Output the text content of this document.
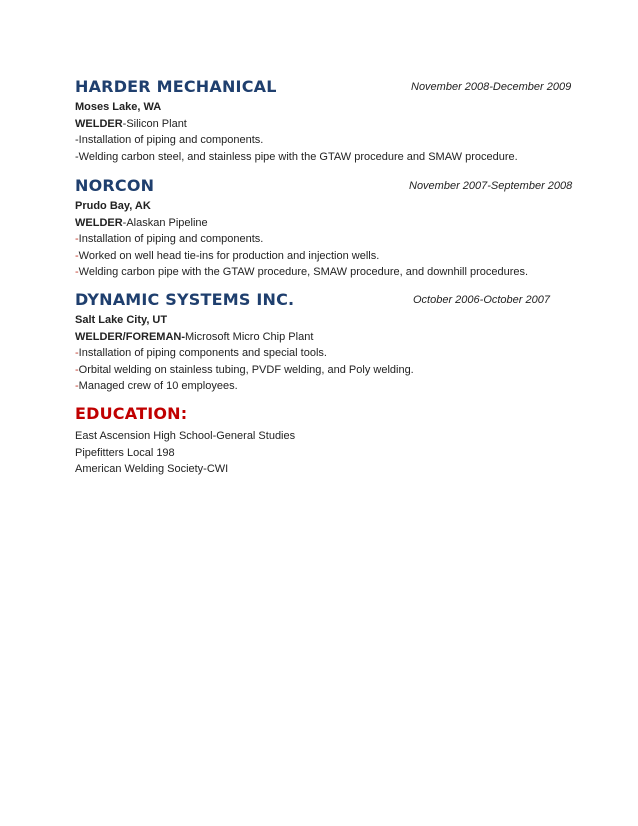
HARDER MECHANICAL	November 2008-December 2009
Moses Lake, WA
WELDER-Silicon Plant
-Installation of piping and components.
-Welding carbon steel, and stainless pipe with the GTAW procedure and SMAW procedure.
NORCON	November 2007-September 2008
Prudo Bay, AK
WELDER-Alaskan Pipeline
-Installation of piping and components.
-Worked on well head tie-ins for production and injection wells.
-Welding carbon pipe with the GTAW procedure, SMAW procedure, and downhill procedures.
DYNAMIC SYSTEMS INC.	October 2006-October 2007
Salt Lake City, UT
WELDER/FOREMAN-Microsoft Micro Chip Plant
-Installation of piping components and special tools.
-Orbital welding on stainless tubing, PVDF welding, and Poly welding.
-Managed crew of 10 employees.
EDUCATION:
East Ascension High School-General Studies
Pipefitters Local 198
American Welding Society-CWI
